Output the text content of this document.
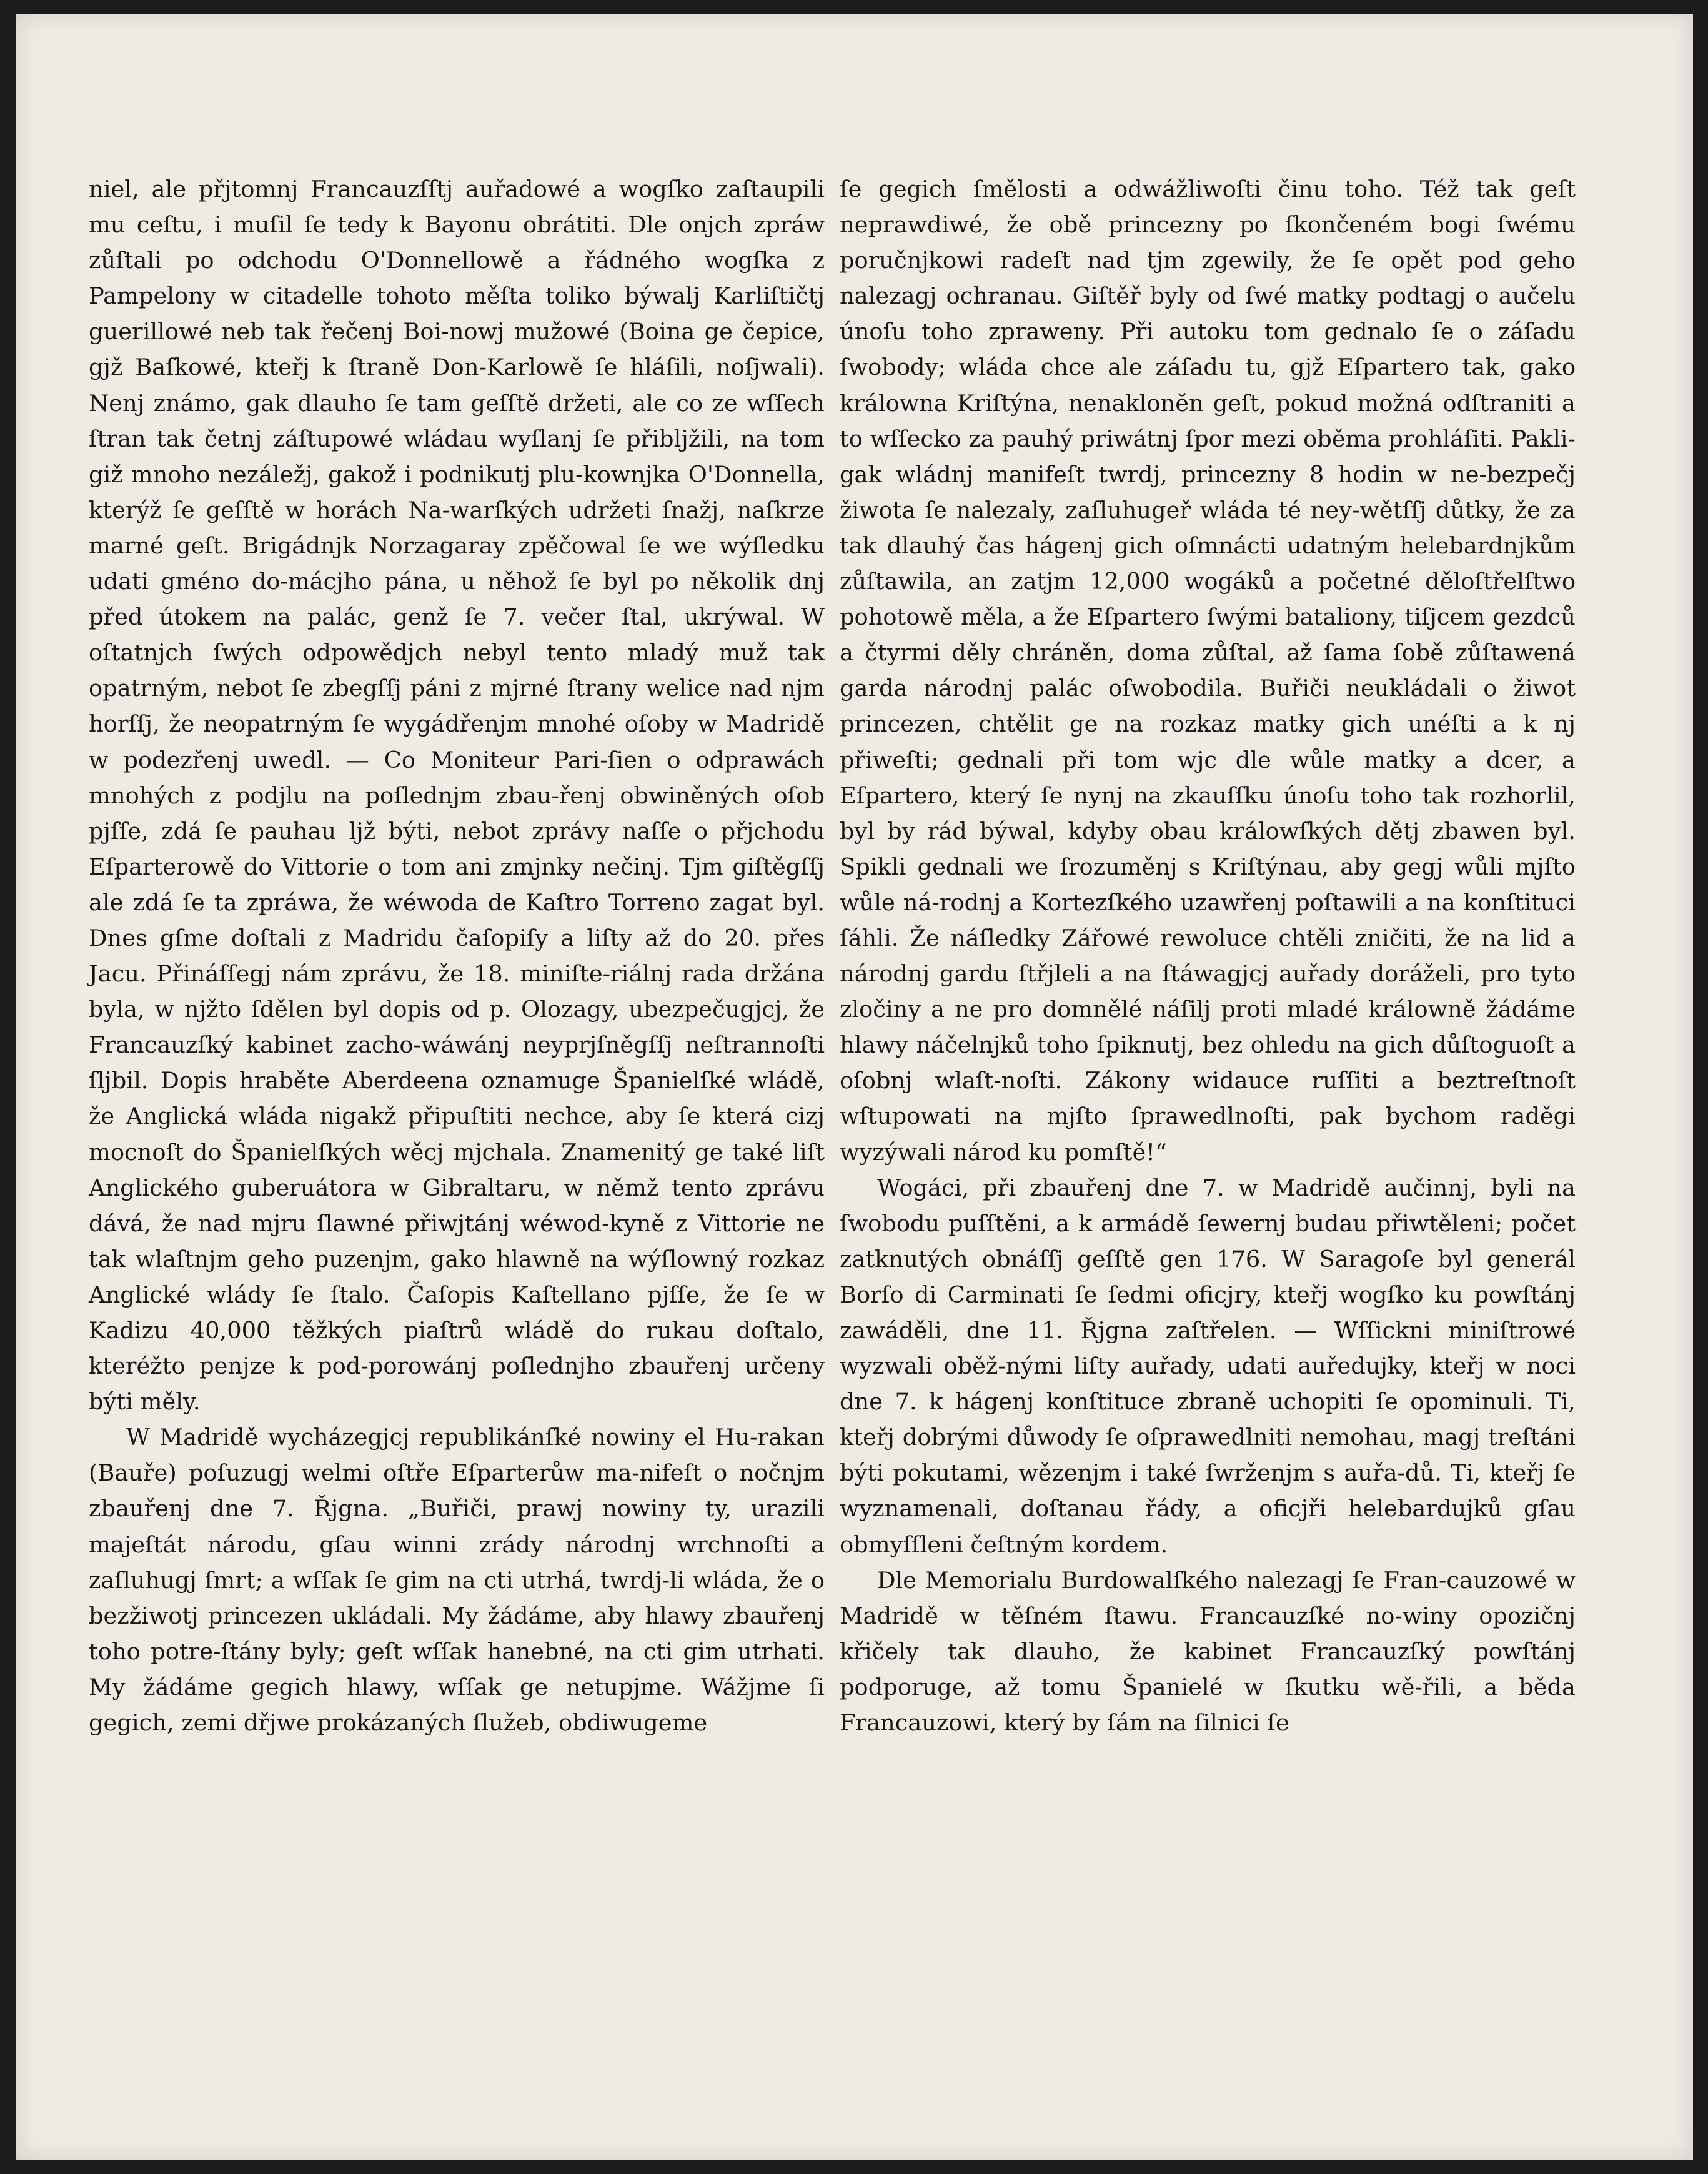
niel, ale přjtomnj Francauzſſtj auřadowé a wogſko zaſtaupili mu ceſtu, i muſil ſe tedy k Bayonu obrátiti. Dle onjch zpráw zůſtali po odchodu O'Donnellowě a řádného wogſka z Pampelony w citadelle tohoto měſta toliko býwalj Karliſtičtj guerillowé neb tak řečenj Boi-nowj mužowé (Boina ge čepice, gjž Baſkowé, kteřj k ſtraně Don-Karlowě ſe hláſili, noſjwali). Nenj známo, gak dlauho ſe tam geſſtě držeti, ale co ze wſſech ſtran tak četnj záſtupowé wládau wyſlanj ſe přibljžili, na tom giž mnoho nezáležj, gakož i podnikutj plu-kownjka O'Donnella, kterýž ſe geſſtě w horách Na-warſkých udržeti ſnažj, naſkrze marné geſt. Brigádnjk Norzagaray zpěčowal ſe we wýſledku udati gméno do-mácjho pána, u něhož ſe byl po několik dnj před útokem na palác, genž ſe 7. večer ſtal, ukrýwal. W oſtatnjch ſwých odpowědjch nebyl tento mladý muž tak opatrným, nebot ſe zbegſſj páni z mjrné ſtrany welice nad njm horſſj, že neopatrným ſe wygádřenjm mnohé oſoby w Madridě w podezřenj uwedl. — Co Moniteur Pari-ſien o odprawách mnohých z podjlu na poſlednjm zbau-řenj obwiněných oſob pjſſe, zdá ſe pauhau ljž býti, nebot zprávy naſſe o přjchodu Eſparterowě do Vittorie o tom ani zmjnky nečinj. Tjm giſtěgſſj ale zdá ſe ta zpráwa, že wéwoda de Kaſtro Torreno zagat byl. Dnes gſme doſtali z Madridu čaſopiſy a liſty až do 20. přes Jacu. Přináſſegj nám zprávu, že 18. miniſte-riálnj rada držána byla, w njžto ſdělen byl dopis od p. Olozagy, ubezpečugjcj, že Francauzſký kabinet zacho-wáwánj neyprjſněgſſj neſtrannoſti ſljbil. Dopis hraběte Aberdeena oznamuge Španielſké wládě, že Anglická wláda nigakž připuſtiti nechce, aby ſe která cizj mocnoſt do Španielſkých wěcj mjchala. Znamenitý ge také liſt Anglického guberuátora w Gibraltaru, w němž tento zprávu dává, že nad mjru ſlawné přiwjtánj wéwod-kyně z Vittorie ne tak wlaſtnjm geho puzenjm, gako hlawně na wýſlowný rozkaz Anglické wlády ſe ſtalo. Čaſopis Kaſtellano pjſſe, že ſe w Kadizu 40,000 těžkých piaſtrů wládě do rukau doſtalo, kteréžto penjze k pod-porowánj poſlednjho zbauřenj určeny býti měly.

W Madridě wycházegjcj republikánſké nowiny el Hu-rakan (Bauře) poſuzugj welmi oſtře Eſparterůw ma-nifeſt o nočnjm zbauřenj dne 7. Řjgna. „Buřiči, prawj nowiny ty, urazili majeſtát národu, gſau winni zrády národnj wrchnoſti a zaſluhugj ſmrt; a wſſak ſe gim na cti utrhá, twrdj-li wláda, že o bezžiwotj princezen ukládali. My žádáme, aby hlawy zbauřenj toho potre-ſtány byly; geſt wſſak hanebné, na cti gim utrhati. My žádáme gegich hlawy, wſſak ge netupjme. Wážjme ſi gegich, zemi dřjwe prokázaných ſlužeb, obdiwugeme

ſe gegich ſmělosti a odwážliwoſti činu toho. Též tak geſt neprawdiwé, že obě princezny po ſkončeném bogi ſwému poručnjkowi radeſt nad tjm zgewily, že ſe opět pod geho nalezagj ochranau. Giſtěř byly od ſwé matky podtagj o aučelu únoſu toho zpraweny. Při autoku tom gednalo ſe o záſadu ſwobody; wláda chce ale záſadu tu, gjž Eſpartero tak, gako králowna Kriſtýna, nenaklonĕn geſt, pokud možná odſtraniti a to wſſecko za pauhý priwátnj ſpor mezi oběma prohláſiti. Pakli-gak wládnj manifeſt twrdj, princezny 8 hodin w ne-bezpečj žiwota ſe nalezaly, zaſluhugeř wláda té ney-wětſſj důtky, že za tak dlauhý čas hágenj gich oſmnácti udatným helebardnjkům zůſtawila, an zatjm 12,000 wogáků a početné děloſtřelſtwo pohotowě měla, a že Eſpartero ſwými bataliony, tiſjcem gezdců a čtyrmi děly chráněn, doma zůſtal, až ſama ſobě zůſtawená garda národnj palác oſwobodila. Buřiči neukládali o žiwot princezen, chtělit ge na rozkaz matky gich unéſti a k nj přiweſti; gednali při tom wjc dle wůle matky a dcer, a Eſpartero, který ſe nynj na zkauſſku únoſu toho tak rozhorlil, byl by rád býwal, kdyby obau králowſkých dětj zbawen byl. Spikli gednali we ſrozuměnj s Kriſtýnau, aby gegj wůli mjſto wůle ná-rodnj a Kortezſkého uzawřenj poſtawili a na konſtituci ſáhli. Že náſledky Zářowé rewoluce chtěli zničiti, že na lid a národnj gardu ſtřjleli a na ſtáwagjcj auřady doráželi, pro tyto zločiny a ne pro domnělé náſilj proti mladé králowně žádáme hlawy náčelnjků toho ſpiknutj, bez ohledu na gich důſtoguoſt a oſobnj wlaſt-noſti. Zákony widauce ruſſiti a beztreſtnoſt wſtupowati na mjſto ſprawedlnoſti, pak bychom raděgi wyzýwali národ ku pomſtě!“

Wogáci, při zbauřenj dne 7. w Madridě aučinnj, byli na ſwobodu puſſtěni, a k armádě ſewernj budau přiwtěleni; počet zatknutých obnáſſj geſſtě gen 176. W Saragoſe byl generál Borſo di Carminati ſe ſedmi oficjry, kteřj wogſko ku powſtánj zawáděli, dne 11. Řjgna zaſtřelen. — Wſſickni miniſtrowé wyzwali oběž-nými liſty auřady, udati auředujky, kteřj w noci dne 7. k hágenj konſtituce zbraně uchopiti ſe opominuli. Ti, kteřj dobrými důwody ſe oſprawedlniti nemohau, magj treſtáni býti pokutami, wězenjm i také ſwrženjm s auřa-dů. Ti, kteřj ſe wyznamenali, doſtanau řády, a oficjři helebardujků gſau obmyſſleni čeſtným kordem.

Dle Memorialu Burdowalſkého nalezagj ſe Fran-cauzowé w Madridě w těſném ſtawu. Francauzſké no-winy opozičnj křičely tak dlauho, že kabinet Francauzſký powſtánj podporuge, až tomu Španielé w ſkutku wě-řili, a běda Francauzowi, který by ſám na ſilnici ſe
